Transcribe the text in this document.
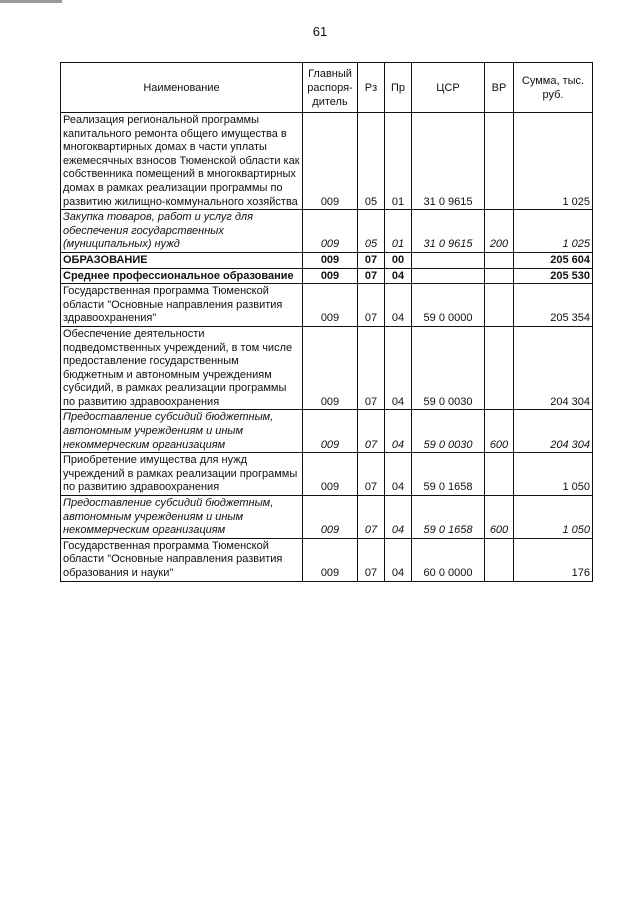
61
Наименование	Главный распоря-дитель	Рз	Пр	ЦСР	ВР	Сумма, тыс. руб.
Реализация региональной программы капитального ремонта общего имущества в многоквартирных домах в части уплаты ежемесячных взносов Тюменской области как собственника помещений в многоквартирных домах в рамках реализации программы по развитию жилищно-коммунального хозяйства	009	05	01	31 0 9615		1 025
Закупка товаров, работ и услуг для обеспечения государственных (муниципальных) нужд	009	05	01	31 0 9615	200	1 025
ОБРАЗОВАНИЕ	009	07	00			205 604
Среднее профессиональное образование	009	07	04			205 530
Государственная программа Тюменской области "Основные направления развития здравоохранения"	009	07	04	59 0 0000		205 354
Обеспечение деятельности подведомственных учреждений, в том числе предоставление государственным бюджетным и автономным учреждениям субсидий, в рамках реализации программы по развитию здравоохранения	009	07	04	59 0 0030		204 304
Предоставление субсидий бюджетным, автономным учреждениям и иным некоммерческим организациям	009	07	04	59 0 0030	600	204 304
Приобретение имущества для нужд учреждений в рамках реализации программы по развитию здравоохранения	009	07	04	59 0 1658		1 050
Предоставление субсидий бюджетным, автономным учреждениям и иным некоммерческим организациям	009	07	04	59 0 1658	600	1 050
Государственная программа Тюменской области "Основные направления развития образования и науки"	009	07	04	60 0 0000		176
